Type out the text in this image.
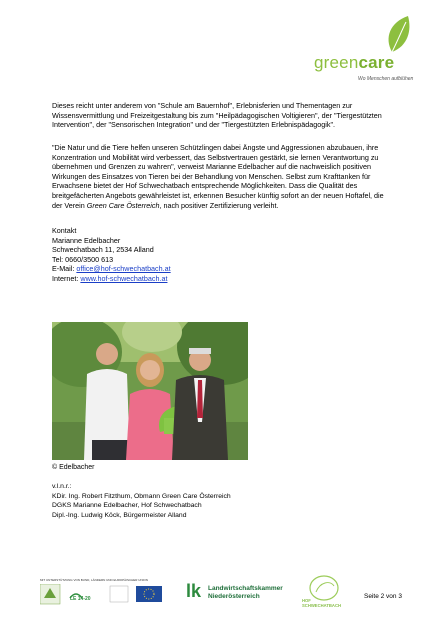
greencare
Wo Menschen aufblühen
Dieses reicht unter anderem von "Schule am Bauernhof", Erlebnisferien und Thementagen zur Wissensvermittlung und Freizeitgestaltung bis zum "Heilpädagogischen Voltigieren", der "Tiergestützten Intervention", der "Sensorischen Integration" und der "Tiergestützten Erlebnispädagogik".
"Die Natur und die Tiere helfen unseren Schützlingen dabei Ängste und Aggressionen abzubauen, ihre Konzentration und Mobilität wird verbessert, das Selbstvertrauen gestärkt, sie lernen Verantwortung zu übernehmen und Grenzen zu wahren", verweist Marianne Edelbacher auf die nachweislich positiven Wirkungen des Einsatzes von Tieren bei der Behandlung von Menschen. Selbst zum Krafttanken für Erwachsene bietet der Hof Schwechatbach entsprechende Möglichkeiten. Dass die Qualität des breitgefächerten Angebots gewährleistet ist, erkennen Besucher künftig sofort an der neuen Hoftafel, die der Verein Green Care Österreich, nach positiver Zertifizierung verleiht.
Kontakt
Marianne Edelbacher
Schwechatbach 11, 2534 Alland
Tel: 0660/3500 613
E-Mail: office@hof-schwechatbach.at
Internet: www.hof-schwechatbach.at
© Edelbacher
v.l.n.r.:
KDir. Ing. Robert Fitzthum, Obmann Green Care Österreich
DGKS Marianne Edelbacher, Hof Schwechatbach
Dipl.-Ing. Ludwig Köck, Bürgermeister Alland
MIT UNTERSTÜTZUNG VON BUND, LÄNDERN UND EUROPÄISCHER UNION
LE 14-20	lk	Landwirtschaftskammer
Niederösterreich
HOF SCHWECHATBACH
Seite 2 von 3
